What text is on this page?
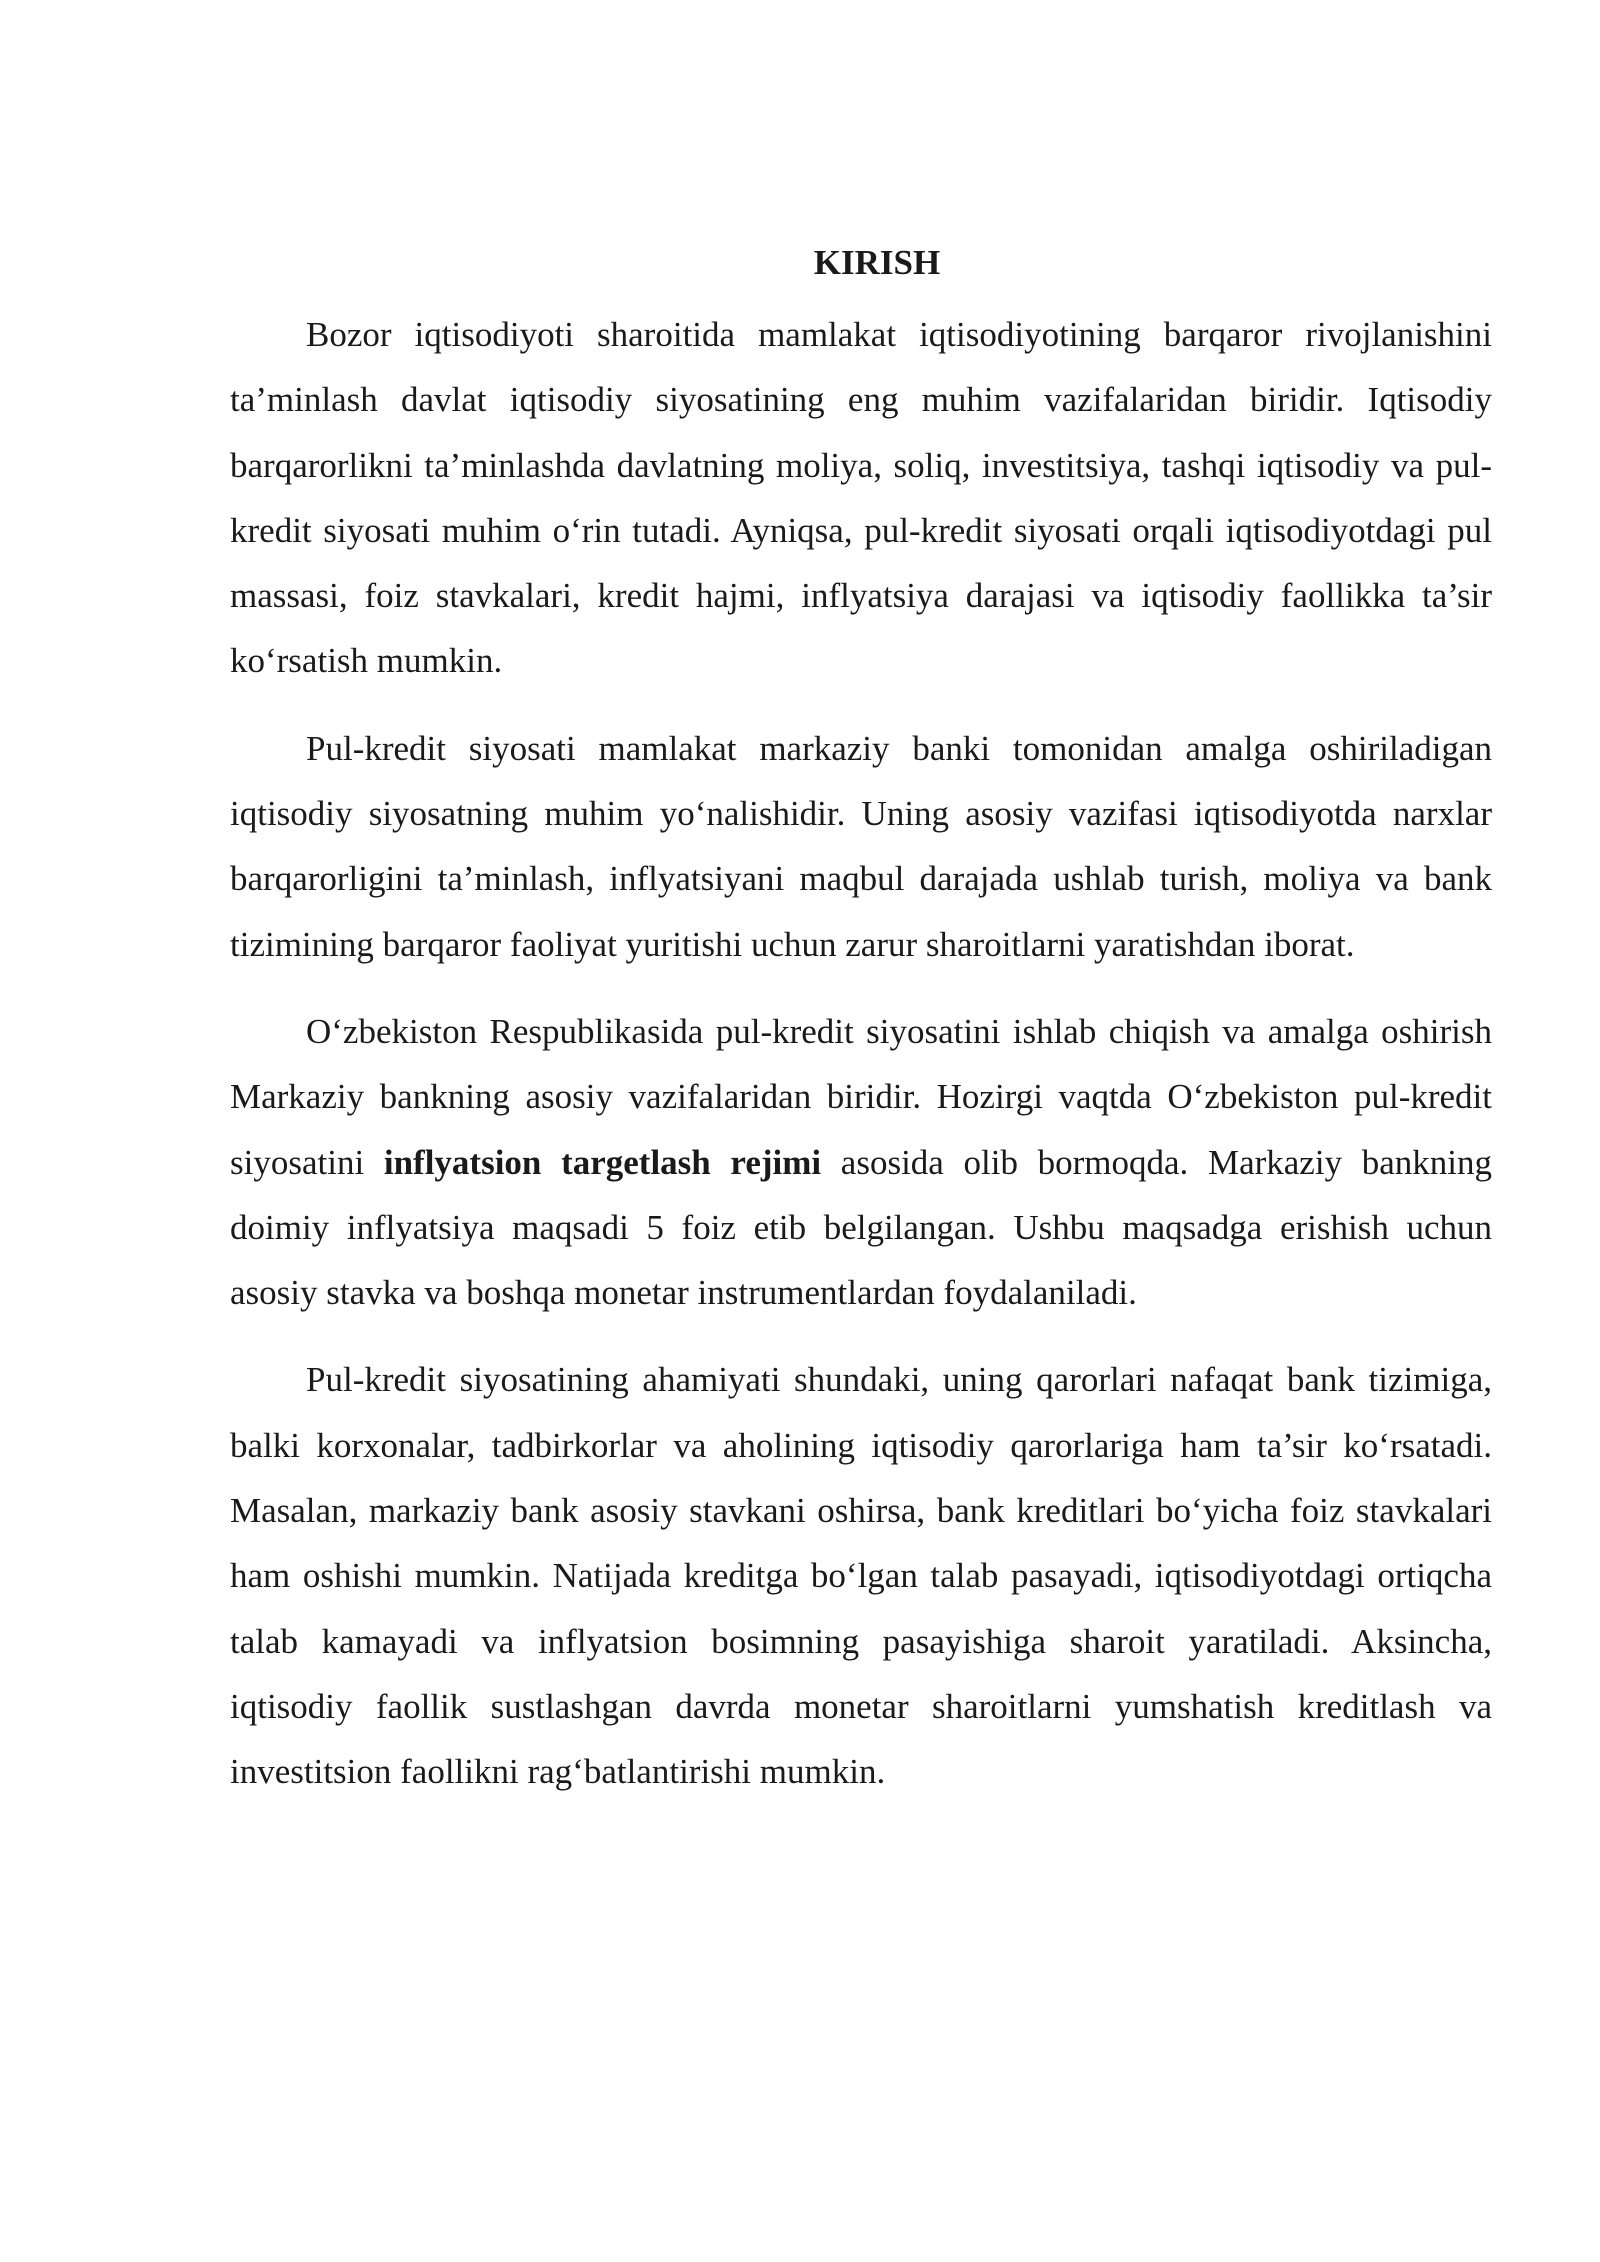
KIRISH

Bozor iqtisodiyoti sharoitida mamlakat iqtisodiyotining barqaror rivojlanishini ta’minlash davlat iqtisodiy siyosatining eng muhim vazifalaridan biridir. Iqtisodiy barqarorlikni ta’minlashda davlatning moliya, soliq, investitsiya, tashqi iqtisodiy va pul-kredit siyosati muhim o‘rin tutadi. Ayniqsa, pul-kredit siyosati orqali iqtisodiyotdagi pul massasi, foiz stavkalari, kredit hajmi, inflyatsiya darajasi va iqtisodiy faollikka ta’sir ko‘rsatish mumkin.

Pul-kredit siyosati mamlakat markaziy banki tomonidan amalga oshiriladigan iqtisodiy siyosatning muhim yo‘nalishidir. Uning asosiy vazifasi iqtisodiyotda narxlar barqarorligini ta’minlash, inflyatsiyani maqbul darajada ushlab turish, moliya va bank tizimining barqaror faoliyat yuritishi uchun zarur sharoitlarni yaratishdan iborat.

O‘zbekiston Respublikasida pul-kredit siyosatini ishlab chiqish va amalga oshirish Markaziy bankning asosiy vazifalaridan biridir. Hozirgi vaqtda O‘zbekiston pul-kredit siyosatini inflyatsion targetlash rejimi asosida olib bormoqda. Markaziy bankning doimiy inflyatsiya maqsadi 5 foiz etib belgilangan. Ushbu maqsadga erishish uchun asosiy stavka va boshqa monetar instrumentlardan foydalaniladi.

Pul-kredit siyosatining ahamiyati shundaki, uning qarorlari nafaqat bank tizimiga, balki korxonalar, tadbirkorlar va aholining iqtisodiy qarorlariga ham ta’sir ko‘rsatadi. Masalan, markaziy bank asosiy stavkani oshirsa, bank kreditlari bo‘yicha foiz stavkalari ham oshishi mumkin. Natijada kreditga bo‘lgan talab pasayadi, iqtisodiyotdagi ortiqcha talab kamayadi va inflyatsion bosimning pasayishiga sharoit yaratiladi. Aksincha, iqtisodiy faollik sustlashgan davrda monetar sharoitlarni yumshatish kreditlash va investitsion faollikni rag‘batlantirishi mumkin.
